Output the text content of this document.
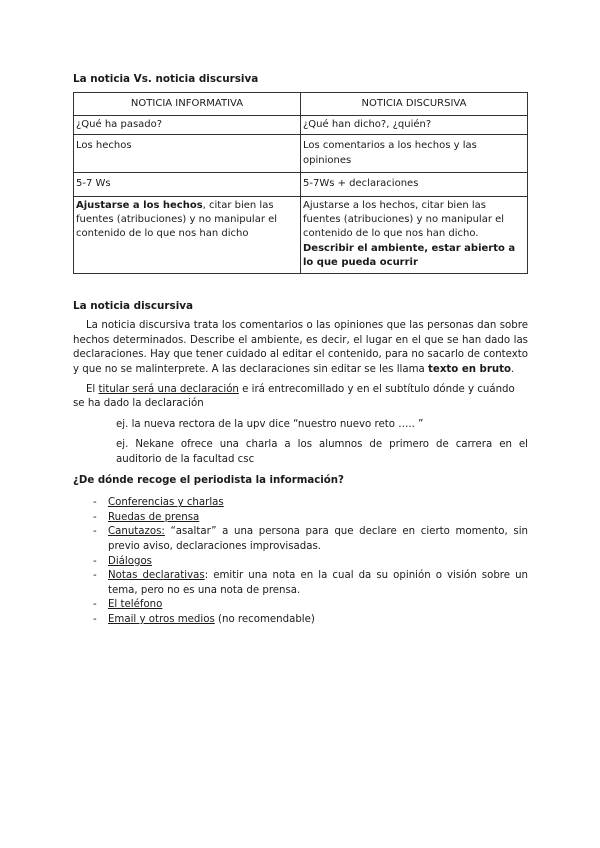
La noticia Vs. noticia discursiva
NOTICIA INFORMATIVA	NOTICIA DISCURSIVA
¿Qué ha pasado?	¿Qué han dicho?, ¿quién?
Los hechos	Los comentarios a los hechos y las opiniones
5-7 Ws	5-7Ws + declaraciones
Ajustarse a los hechos, citar bien las fuentes (atribuciones) y no manipular el contenido de lo que nos han dicho	Ajustarse a los hechos, citar bien las fuentes (atribuciones) y no manipular el contenido de lo que nos han dicho. Describir el ambiente, estar abierto a lo que pueda ocurrir
La noticia discursiva

La noticia discursiva trata los comentarios o las opiniones que las personas dan sobre hechos determinados. Describe el ambiente, es decir, el lugar en el que se han dado las declaraciones. Hay que tener cuidado al editar el contenido, para no sacarlo de contexto y que no se malinterprete. A las declaraciones sin editar se les llama texto en bruto.

El titular será una declaración e irá entrecomillado y en el subtítulo dónde y cuándo se ha dado la declaración

ej. la nueva rectora de la upv dice “nuestro nuevo reto ….. ”

ej. Nekane ofrece una charla a los alumnos de primero de carrera en el auditorio de la facultad csc

¿De dónde recoge el periodista la información?
- Conferencias y charlas
- Ruedas de prensa
- Canutazos: “asaltar” a una persona para que declare en cierto momento, sin previo aviso, declaraciones improvisadas.
- Diálogos
- Notas declarativas: emitir una nota en la cual da su opinión o visión sobre un tema, pero no es una nota de prensa.
- El teléfono
- Email y otros medios (no recomendable)
